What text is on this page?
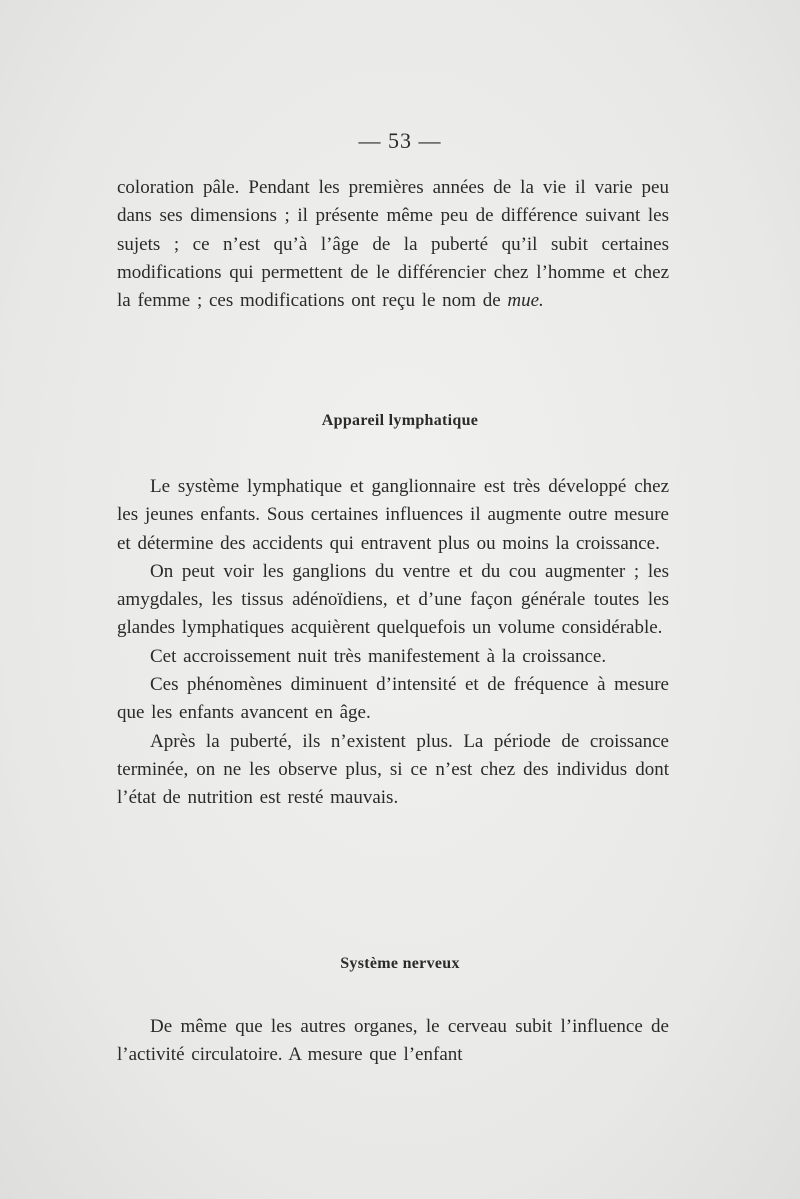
— 53 —

coloration pâle. Pendant les premières années de la vie il varie peu dans ses dimensions ; il présente même peu de différence suivant les sujets ; ce n’est qu’à l’âge de la puberté qu’il subit certaines modifications qui permettent de le différencier chez l’homme et chez la femme ; ces modifications ont reçu le nom de mue.

Appareil lymphatique

Le système lymphatique et ganglionnaire est très développé chez les jeunes enfants. Sous certaines influences il augmente outre mesure et détermine des accidents qui entravent plus ou moins la croissance.

On peut voir les ganglions du ventre et du cou augmenter ; les amygdales, les tissus adénoïdiens, et d’une façon générale toutes les glandes lymphatiques acquièrent quelquefois un volume considérable.

Cet accroissement nuit très manifestement à la croissance.

Ces phénomènes diminuent d’intensité et de fréquence à mesure que les enfants avancent en âge.

Après la puberté, ils n’existent plus. La période de croissance terminée, on ne les observe plus, si ce n’est chez des individus dont l’état de nutrition est resté mauvais.

Système nerveux

De même que les autres organes, le cerveau subit l’influence de l’activité circulatoire. A mesure que l’enfant
